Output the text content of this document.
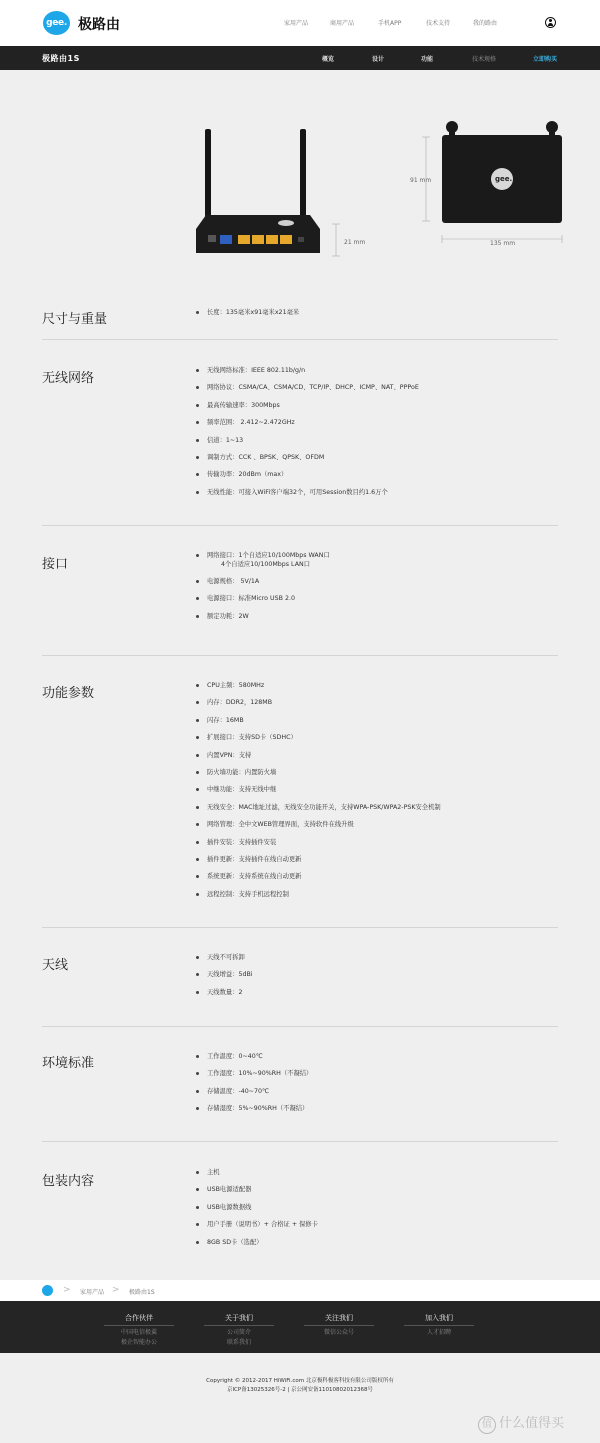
gee. 极路由	家用产品	商用产品	手机APP	技术支持	我的路由
极路由1S	概览	设计	功能	技术规格	立即购买
21 mm
gee.
91 mm
135 mm
尺寸与重量	长度：135毫米x91毫米x21毫米
无线网络
无线网络标准：IEEE 802.11b/g/n
网络协议：CSMA/CA、CSMA/CD、TCP/IP、DHCP、ICMP、NAT、PPPoE
最高传输速率：300Mbps
频率范围： 2.412~2.472GHz
信道：1~13
调制方式：CCK 、BPSK、QPSK、OFDM
传输功率：20dBm（max）
无线性能：可接入WiFi客户端32个，可用Session数目约1.6万个
接口
网络接口：1个自适应10/100Mbps WAN口
4个自适应10/100Mbps LAN口
电源规格： 5V/1A
电源接口：标准Micro USB 2.0
额定功耗：2W
功能参数
CPU主频：580MHz
内存：DDR2，128MB
闪存：16MB
扩展接口：支持SD卡（SDHC）
内置VPN：支持
防火墙功能：内置防火墙
中继功能：支持无线中继
无线安全：MAC地址过滤，无线安全功能开关，支持WPA-PSK/WPA2-PSK安全机制
网络管理：全中文WEB管理界面，支持软件在线升级
插件安装：支持插件安装
插件更新：支持插件在线自动更新
系统更新：支持系统在线自动更新
远程控制：支持手机远程控制
天线
天线不可拆卸
天线增益：5dBi
天线数量：2
环境标准	工作温度：0~40℃
工作湿度：10%~90%RH（不凝结）
存储温度：-40~70℃
存储湿度：5%~90%RH（不凝结）
包装内容
主机
USB电源适配器
USB电源数据线
用户手册（说明书）+ 合格证 + 保修卡
8GB SD卡（选配）
> 家用产品 > 极路由1S
合作伙伴
中国电信极翼
极企智能办公
关于我们
公司简介
联系我们
关注我们
微信公众号
加入我们
人才招聘
Copyright © 2012-2017 HiWiFi.com 北京极科极客科技有限公司版权所有
京ICP备13025326号-2 | 京公网安备11010802012368号
值 什么值得买
